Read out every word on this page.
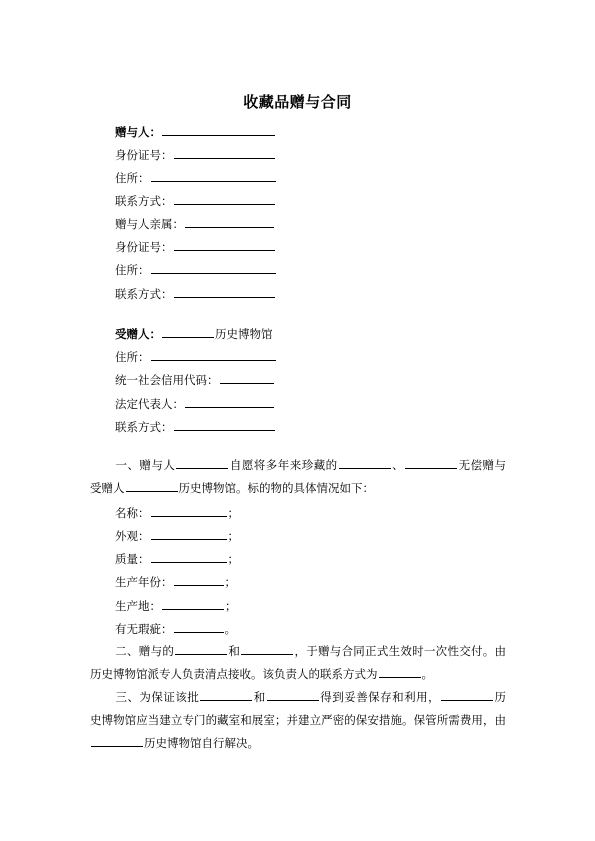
收藏品赠与合同
赠与人：
身份证号：
住所：
联系方式：
赠与人亲属：
身份证号：
住所：
联系方式：
受赠人：	历史博物馆
住所：
统一社会信用代码：
法定代表人：
联系方式：
一、赠与人	自愿将多年来珍藏的	、	无偿赠与受赠人	历史博物馆。标的物的具体情况如下：
名称：	；
外观：	；
质量：	；
生产年份：	；
生产地：	；
有无瑕疵：	。
二、赠与的	和	，于赠与合同正式生效时一次性交付。由历史博物馆派专人负责清点接收。该负责人的联系方式为	。
三、为保证该批	和	得到妥善保存和利用，	历史博物馆应当建立专门的藏室和展室；并建立严密的保安措施。保管所需费用，由历史博物馆自行解决。
